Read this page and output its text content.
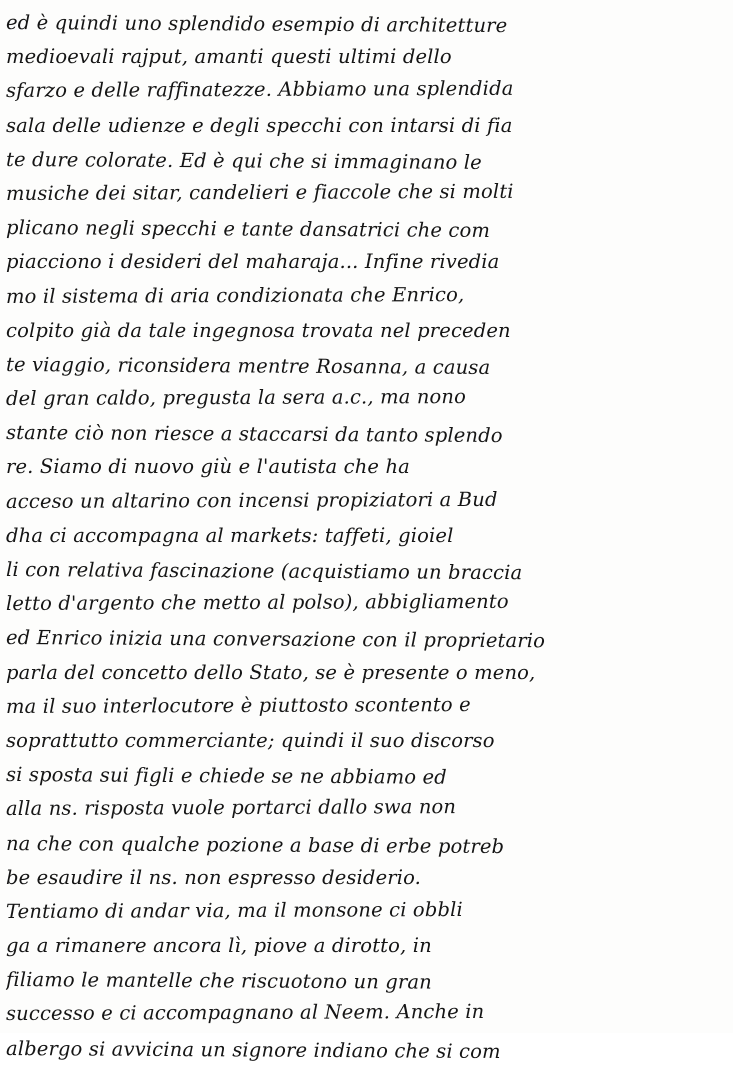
ed è quindi uno splendido esempio di architetture
medioevali rajput, amanti questi ultimi dello
sfarzo e delle raffinatezze. Abbiamo una splendida
sala delle udienze e degli specchi con intarsi di fia
te dure colorate. Ed è qui che si immaginano le
musiche dei sitar, candelieri e fiaccole che si molti
plicano negli specchi e tante dansatrici che com
piacciono i desideri del maharaja... Infine rivedia
mo il sistema di aria condizionata che Enrico,
colpito già da tale ingegnosa trovata nel preceden
te viaggio, riconsidera mentre Rosanna, a causa
del gran caldo, pregusta la sera a.c., ma nono
stante ciò non riesce a staccarsi da tanto splendo
re. Siamo di nuovo giù e l'autista che ha
acceso un altarino con incensi propiziatori a Bud
dha ci accompagna al markets: taffeti, gioiel
li con relativa fascinazione (acquistiamo un braccia
letto d'argento che metto al polso), abbigliamento
ed Enrico inizia una conversazione con il proprietario
parla del concetto dello Stato, se è presente o meno,
ma il suo interlocutore è piuttosto scontento e
soprattutto commerciante; quindi il suo discorso
si sposta sui figli e chiede se ne abbiamo ed
alla ns. risposta vuole portarci dallo swa non
na che con qualche pozione a base di erbe potreb
be esaudire il ns. non espresso desiderio.
Tentiamo di andar via, ma il monsone ci obbli
ga a rimanere ancora lì, piove a dirotto, in
filiamo le mantelle che riscuotono un gran
successo e ci accompagnano al Neem. Anche in
albergo si avvicina un signore indiano che si com
